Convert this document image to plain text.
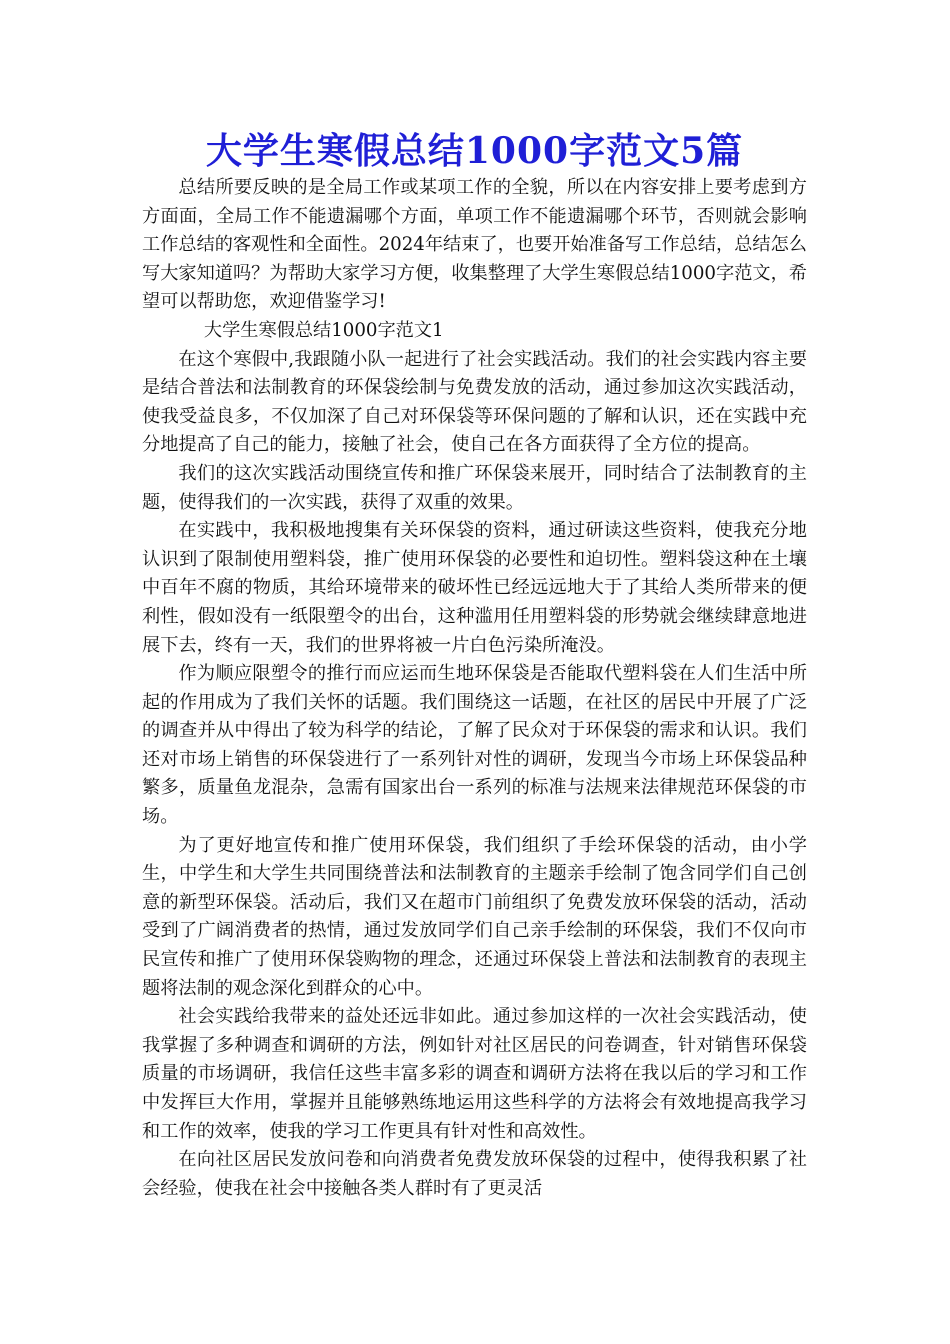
大学生寒假总结1000字范文5篇

总结所要反映的是全局工作或某项工作的全貌，所以在内容安排上要考虑到方方面面，全局工作不能遗漏哪个方面，单项工作不能遗漏哪个环节，否则就会影响工作总结的客观性和全面性。2024年结束了，也要开始准备写工作总结，总结怎么写大家知道吗？为帮助大家学习方便，收集整理了大学生寒假总结1000字范文，希望可以帮助您，欢迎借鉴学习!

大学生寒假总结1000字范文1

在这个寒假中,我跟随小队一起进行了社会实践活动。我们的社会实践内容主要是结合普法和法制教育的环保袋绘制与免费发放的活动，通过参加这次实践活动，使我受益良多，不仅加深了自己对环保袋等环保问题的了解和认识，还在实践中充分地提高了自己的能力，接触了社会，使自己在各方面获得了全方位的提高。

我们的这次实践活动围绕宣传和推广环保袋来展开，同时结合了法制教育的主题，使得我们的一次实践，获得了双重的效果。

在实践中，我积极地搜集有关环保袋的资料，通过研读这些资料，使我充分地认识到了限制使用塑料袋，推广使用环保袋的必要性和迫切性。塑料袋这种在土壤中百年不腐的物质，其给环境带来的破坏性已经远远地大于了其给人类所带来的便利性，假如没有一纸限塑令的出台，这种滥用任用塑料袋的形势就会继续肆意地进展下去，终有一天，我们的世界将被一片白色污染所淹没。

作为顺应限塑令的推行而应运而生地环保袋是否能取代塑料袋在人们生活中所起的作用成为了我们关怀的话题。我们围绕这一话题，在社区的居民中开展了广泛的调查并从中得出了较为科学的结论，了解了民众对于环保袋的需求和认识。我们还对市场上销售的环保袋进行了一系列针对性的调研，发现当今市场上环保袋品种繁多，质量鱼龙混杂，急需有国家出台一系列的标准与法规来法律规范环保袋的市场。

为了更好地宣传和推广使用环保袋，我们组织了手绘环保袋的活动，由小学生，中学生和大学生共同围绕普法和法制教育的主题亲手绘制了饱含同学们自己创意的新型环保袋。活动后，我们又在超市门前组织了免费发放环保袋的活动，活动受到了广阔消费者的热情，通过发放同学们自己亲手绘制的环保袋，我们不仅向市民宣传和推广了使用环保袋购物的理念，还通过环保袋上普法和法制教育的表现主题将法制的观念深化到群众的心中。

社会实践给我带来的益处还远非如此。通过参加这样的一次社会实践活动，使我掌握了多种调查和调研的方法，例如针对社区居民的问卷调查，针对销售环保袋质量的市场调研，我信任这些丰富多彩的调查和调研方法将在我以后的学习和工作中发挥巨大作用，掌握并且能够熟练地运用这些科学的方法将会有效地提高我学习和工作的效率，使我的学习工作更具有针对性和高效性。

在向社区居民发放问卷和向消费者免费发放环保袋的过程中，使得我积累了社会经验，使我在社会中接触各类人群时有了更灵活
